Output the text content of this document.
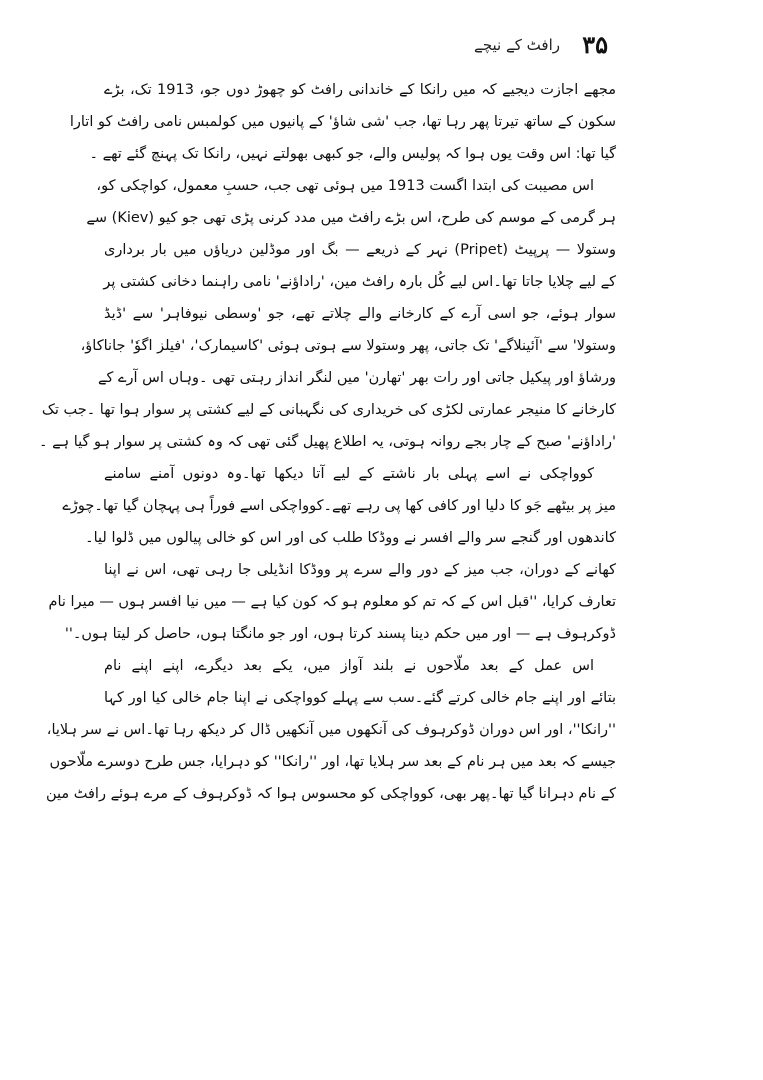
۳۵
رافٹ کے نیچے
مجھے اجازت دیجیے کہ میں رانکا کے خاندانی رافٹ کو چھوڑ دوں جو، 1913 تک، بڑے
سکون کے ساتھ تیرتا پھر رہا تھا، جب 'شی شاؤ' کے پانیوں میں کولمبس نامی رافٹ کو اتارا
گیا تھا: اس وقت یوں ہوا کہ پولیس والے، جو کبھی بھولتے نہیں، رانکا تک پہنچ گئے تھے ۔
اس مصیبت کی ابتدا اگست 1913 میں ہوئی تھی جب، حسبِ معمول، کواچکی کو،
ہر گرمی کے موسم کی طرح، اس بڑے رافٹ میں مدد کرنی پڑی تھی جو کیو (Kiev) سے
وستولا — پرپیٹ (Pripet) نہر کے ذریعے — بگ اور موڈلین دریاؤں میں بار برداری
کے لیے چلایا جاتا تھا۔اس لیے کُل بارہ رافٹ مین، 'راداؤنے' نامی راہنما دخانی کشتی پر
سوار ہوئے، جو اسی آرے کے کارخانے والے چلاتے تھے، جو 'وسطی نیوفاہر' سے 'ڈیڈ
وستولا' سے 'آئینلاگے' تک جاتی، پھر وستولا سے ہوتی ہوئی 'کاسیمارک'، 'فیلز اگوٗ' جاناکاؤ،
ورشاؤ اور پیکیل جاتی اور رات بھر 'تھارن' میں لنگر انداز رہتی تھی ۔وہاں اس آرے کے
کارخانے کا منیجر عمارتی لکڑی کی خریداری کی نگہبانی کے لیے کشتی پر سوار ہوا تھا ۔جب تک
'راداؤنے' صبح کے چار بجے روانہ ہوتی، یہ اطلاع پھیل گئی تھی کہ وہ کشتی پر سوار ہو گیا ہے ۔
کوواچکی نے اسے پہلی بار ناشتے کے لیے آتا دیکھا تھا۔وہ دونوں آمنے سامنے
میز پر بیٹھے جَو کا دلیا اور کافی کھا پی رہے تھے۔کوواچکی اسے فوراً ہی پہچان گیا تھا۔چوڑے
کاندھوں اور گنجے سر والے افسر نے ووڈکا طلب کی اور اس کو خالی پیالوں میں ڈلوا لیا۔
کھانے کے دوران، جب میز کے دور والے سرے پر ووڈکا انڈیلی جا رہی تھی، اس نے اپنا
تعارف کرایا، ''قبل اس کے کہ تم کو معلوم ہو کہ کون کیا ہے — میں نیا افسر ہوں — میرا نام
ڈوکرہوف ہے — اور میں حکم دینا پسند کرتا ہوں، اور جو مانگتا ہوں، حاصل کر لیتا ہوں۔''
اس عمل کے بعد ملّاحوں نے بلند آواز میں، یکے بعد دیگرے، اپنے اپنے نام
بتائے اور اپنے جام خالی کرتے گئے۔سب سے پہلے کوواچکی نے اپنا جام خالی کیا اور کہا
''رانکا''، اور اس دوران ڈوکرہوف کی آنکھوں میں آنکھیں ڈال کر دیکھ رہا تھا۔اس نے سر ہلایا،
جیسے کہ بعد میں ہر نام کے بعد سر ہلایا تھا، اور ''رانکا'' کو دہرایا، جس طرح دوسرے ملّاحوں
کے نام دہرانا گیا تھا۔پھر بھی، کوواچکی کو محسوس ہوا کہ ڈوکرہوف کے مرے ہوئے رافٹ مین
